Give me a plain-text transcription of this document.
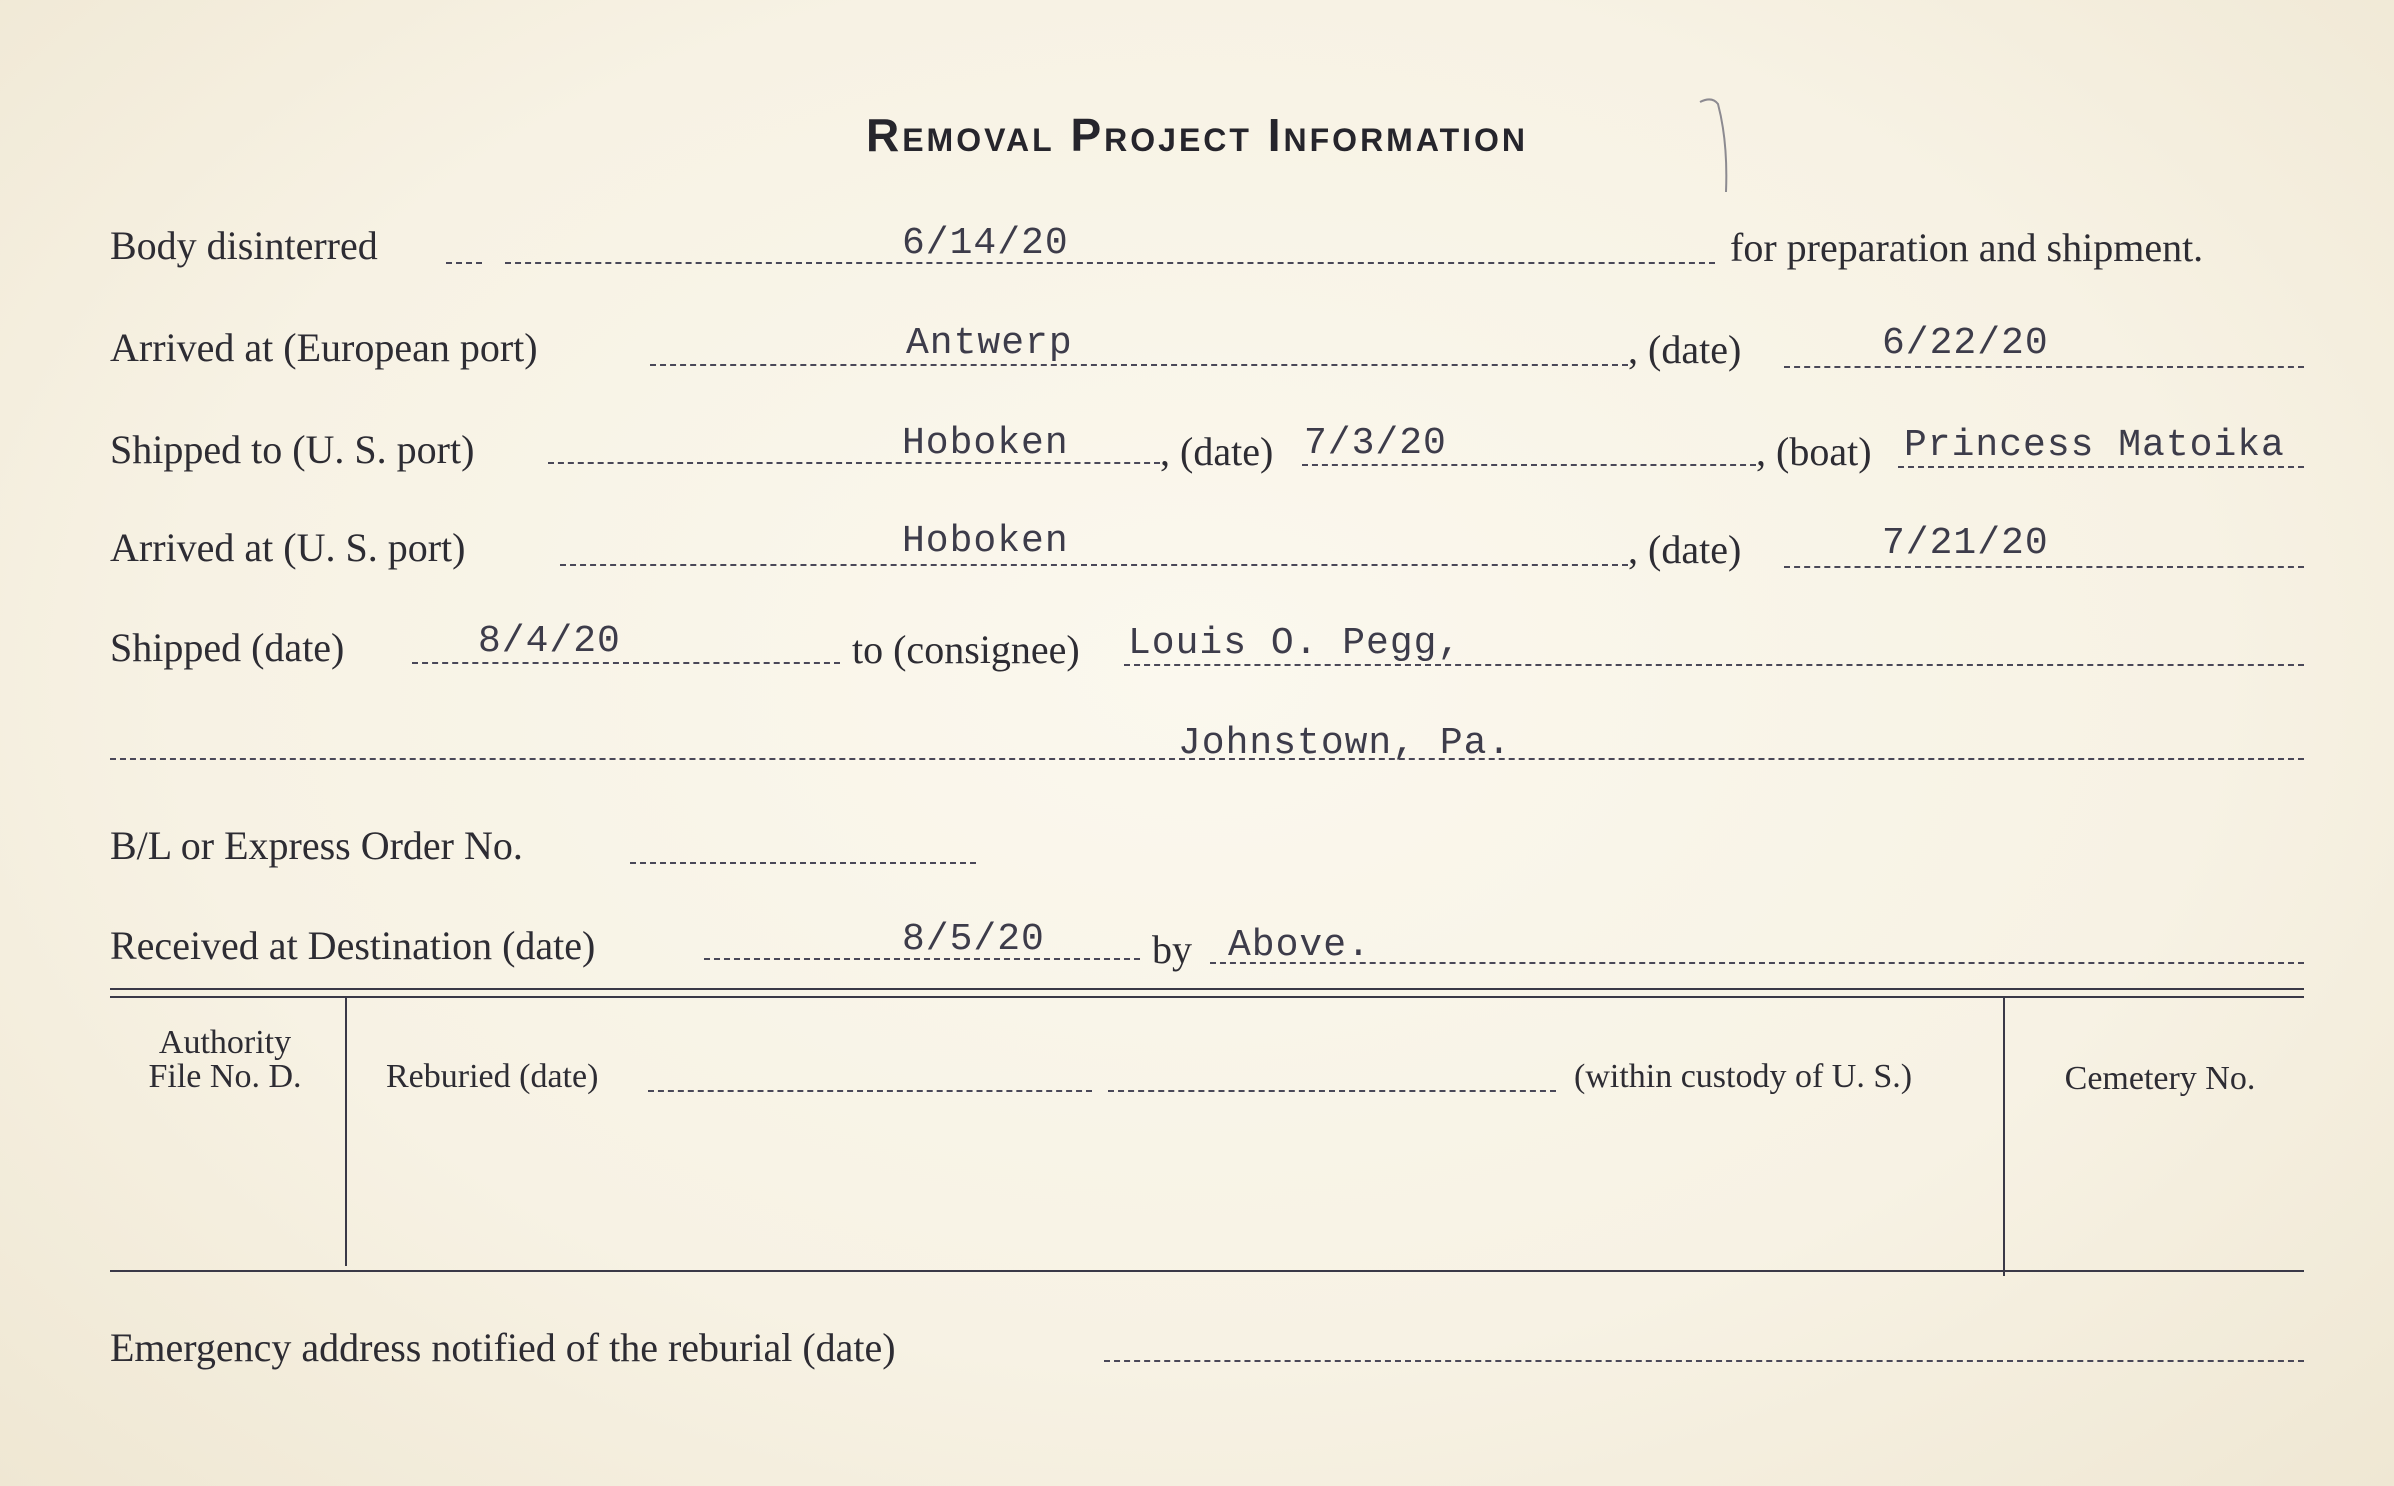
Removal Project Information
Body disinterred	6/14/20	for preparation and shipment.
Arrived at (European port)	Antwerp	, (date)	6/22/20
Shipped to (U. S. port)	Hoboken , (date) 7/3/20	, (boat) Princess Matoika
Arrived at (U. S. port)	Hoboken	, (date)	7/21/20
Shipped (date)	8/4/20	to (consignee) Louis O. Pegg,
Johnstown, Pa.
B/L or Express Order No.
Received at Destination (date)	8/5/20	by Above.
Authority
File No. D.	Reburied (date)	(within custody of U. S.)	Cemetery No.
Emergency address notified of the reburial (date)
